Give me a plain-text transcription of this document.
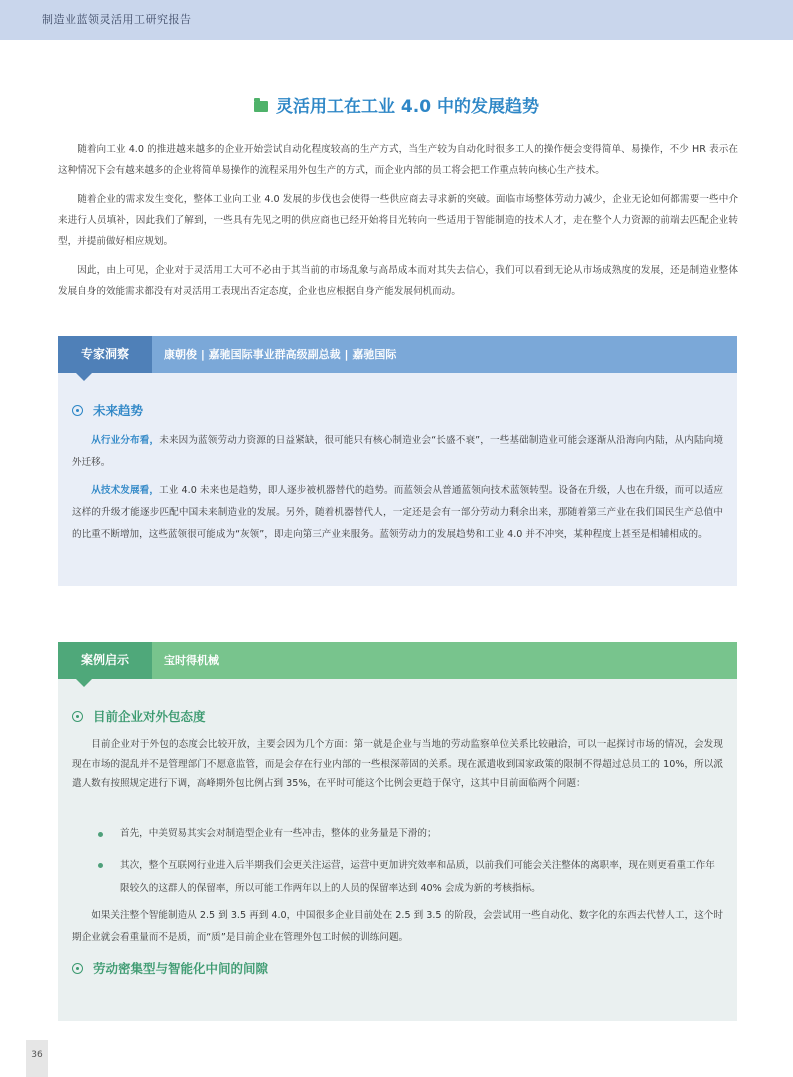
制造业蓝领灵活用工研究报告
灵活用工在工业 4.0 中的发展趋势

随着向工业 4.0 的推进越来越多的企业开始尝试自动化程度较高的生产方式，当生产较为自动化时很多工人的操作便会变得简单、易操作，不少 HR 表示在这种情况下会有越来越多的企业将简单易操作的流程采用外包生产的方式，而企业内部的员工将会把工作重点转向核心生产技术。

随着企业的需求发生变化，整体工业向工业 4.0 发展的步伐也会使得一些供应商去寻求新的突破。面临市场整体劳动力减少，企业无论如何都需要一些中介来进行人员填补，因此我们了解到，一些具有先见之明的供应商也已经开始将目光转向一些适用于智能制造的技术人才，走在整个人力资源的前端去匹配企业转型，并提前做好相应规划。

因此，由上可见，企业对于灵活用工大可不必由于其当前的市场乱象与高昂成本而对其失去信心，我们可以看到无论从市场成熟度的发展，还是制造业整体发展自身的效能需求都没有对灵活用工表现出否定态度，企业也应根据自身产能发展伺机而动。

专家洞察	康朝俊 | 嘉驰国际事业群高级副总裁 | 嘉驰国际
未来趋势

从行业分布看，未来因为蓝领劳动力资源的日益紧缺，很可能只有核心制造业会“长盛不衰”，一些基础制造业可能会逐渐从沿海向内陆，从内陆向境外迁移。

从技术发展看，工业 4.0 未来也是趋势，即人逐步被机器替代的趋势。而蓝领会从普通蓝领向技术蓝领转型。设备在升级，人也在升级，而可以适应这样的升级才能逐步匹配中国未来制造业的发展。另外，随着机器替代人，一定还是会有一部分劳动力剩余出来，那随着第三产业在我们国民生产总值中的比重不断增加，这些蓝领很可能成为“灰领”，即走向第三产业来服务。蓝领劳动力的发展趋势和工业 4.0 并不冲突，某种程度上甚至是相辅相成的。

案例启示	宝时得机械
目前企业对外包态度

目前企业对于外包的态度会比较开放，主要会因为几个方面：第一就是企业与当地的劳动监察单位关系比较融洽，可以一起探讨市场的情况，会发现现在市场的混乱并不是管理部门不愿意监管，而是会存在行业内部的一些根深蒂固的关系。现在派遣收到国家政策的限制不得超过总员工的 10%，所以派遣人数有按照规定进行下调，高峰期外包比例占到 35%，在平时可能这个比例会更趋于保守，这其中目前面临两个问题：

首先，中美贸易其实会对制造型企业有一些冲击，整体的业务量是下滑的；
其次，整个互联网行业进入后半期我们会更关注运营，运营中更加讲究效率和品质，以前我们可能会关注整体的离职率，现在则更看重工作年限较久的这群人的保留率，所以可能工作两年以上的人员的保留率达到 40% 会成为新的考核指标。

如果关注整个智能制造从 2.5 到 3.5 再到 4.0，中国很多企业目前处在 2.5 到 3.5 的阶段，会尝试用一些自动化、数字化的东西去代替人工，这个时期企业就会看重量而不是质，而“质”是目前企业在管理外包工时候的训练问题。

劳动密集型与智能化中间的间隙
36
